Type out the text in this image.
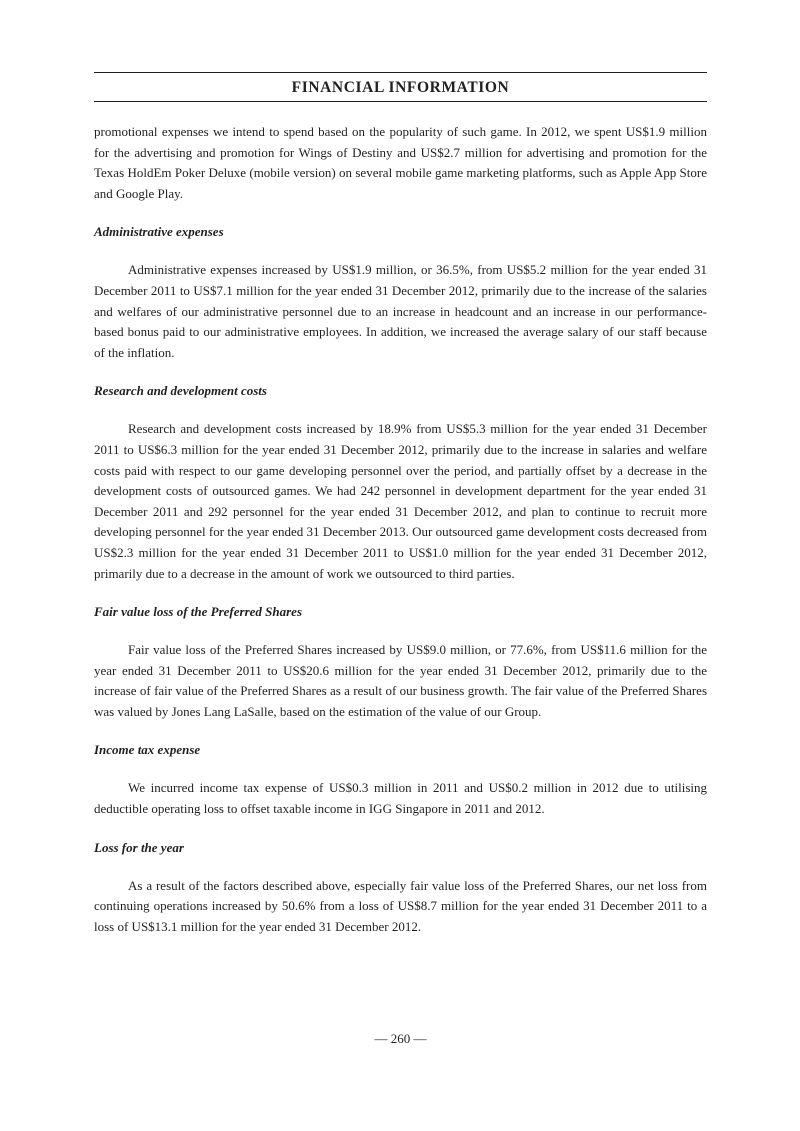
FINANCIAL INFORMATION

promotional expenses we intend to spend based on the popularity of such game. In 2012, we spent US$1.9 million for the advertising and promotion for Wings of Destiny and US$2.7 million for advertising and promotion for the Texas HoldEm Poker Deluxe (mobile version) on several mobile game marketing platforms, such as Apple App Store and Google Play.

Administrative expenses

Administrative expenses increased by US$1.9 million, or 36.5%, from US$5.2 million for the year ended 31 December 2011 to US$7.1 million for the year ended 31 December 2012, primarily due to the increase of the salaries and welfares of our administrative personnel due to an increase in headcount and an increase in our performance-based bonus paid to our administrative employees. In addition, we increased the average salary of our staff because of the inflation.

Research and development costs

Research and development costs increased by 18.9% from US$5.3 million for the year ended 31 December 2011 to US$6.3 million for the year ended 31 December 2012, primarily due to the increase in salaries and welfare costs paid with respect to our game developing personnel over the period, and partially offset by a decrease in the development costs of outsourced games. We had 242 personnel in development department for the year ended 31 December 2011 and 292 personnel for the year ended 31 December 2012, and plan to continue to recruit more developing personnel for the year ended 31 December 2013. Our outsourced game development costs decreased from US$2.3 million for the year ended 31 December 2011 to US$1.0 million for the year ended 31 December 2012, primarily due to a decrease in the amount of work we outsourced to third parties.

Fair value loss of the Preferred Shares

Fair value loss of the Preferred Shares increased by US$9.0 million, or 77.6%, from US$11.6 million for the year ended 31 December 2011 to US$20.6 million for the year ended 31 December 2012, primarily due to the increase of fair value of the Preferred Shares as a result of our business growth. The fair value of the Preferred Shares was valued by Jones Lang LaSalle, based on the estimation of the value of our Group.

Income tax expense

We incurred income tax expense of US$0.3 million in 2011 and US$0.2 million in 2012 due to utilising deductible operating loss to offset taxable income in IGG Singapore in 2011 and 2012.

Loss for the year

As a result of the factors described above, especially fair value loss of the Preferred Shares, our net loss from continuing operations increased by 50.6% from a loss of US$8.7 million for the year ended 31 December 2011 to a loss of US$13.1 million for the year ended 31 December 2012.

— 260 —
